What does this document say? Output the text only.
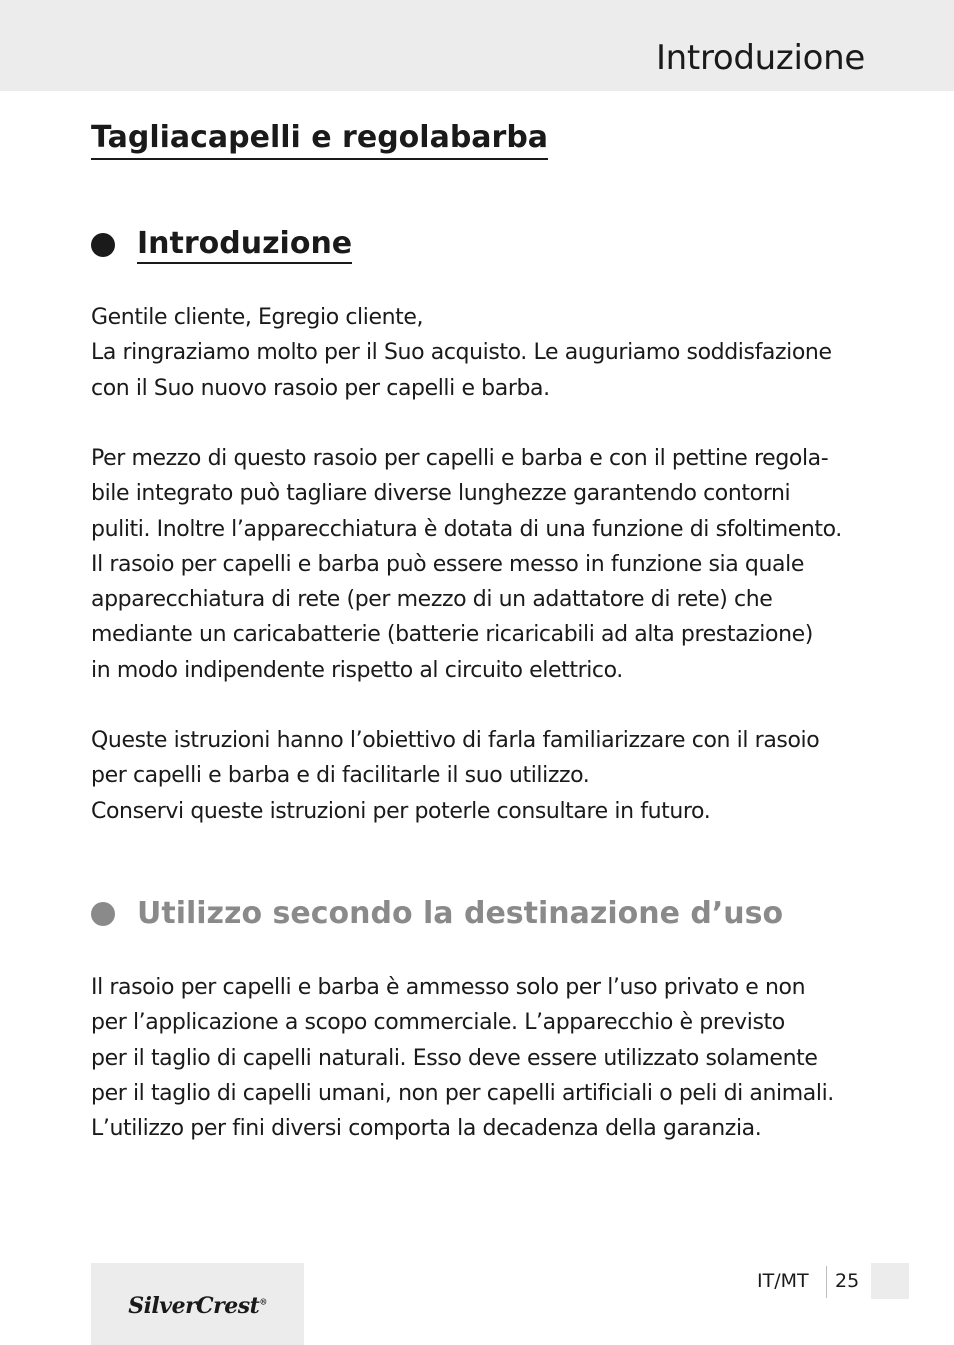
Introduzione
Tagliacapelli e regolabarba
Introduzione

Gentile cliente, Egregio cliente,
La ringraziamo molto per il Suo acquisto. Le auguriamo soddisfazione
con il Suo nuovo rasoio per capelli e barba.

Per mezzo di questo rasoio per capelli e barba e con il pettine regola-
bile integrato può tagliare diverse lunghezze garantendo contorni
puliti. Inoltre l’apparecchiatura è dotata di una funzione di sfoltimento.
Il rasoio per capelli e barba può essere messo in funzione sia quale
apparecchiatura di rete (per mezzo di un adattatore di rete) che
mediante un caricabatterie (batterie ricaricabili ad alta prestazione)
in modo indipendente rispetto al circuito elettrico.

Queste istruzioni hanno l’obiettivo di farla familiarizzare con il rasoio
per capelli e barba e di facilitarle il suo utilizzo.
Conservi queste istruzioni per poterle consultare in futuro.

Utilizzo secondo la destinazione d’uso

Il rasoio per capelli e barba è ammesso solo per l’uso privato e non
per l’applicazione a scopo commerciale. L’apparecchio è previsto
per il taglio di capelli naturali. Esso deve essere utilizzato solamente
per il taglio di capelli umani, non per capelli artificiali o peli di animali.
L’utilizzo per fini diversi comporta la decadenza della garanzia.

SilverCrest®
IT/MT 25
